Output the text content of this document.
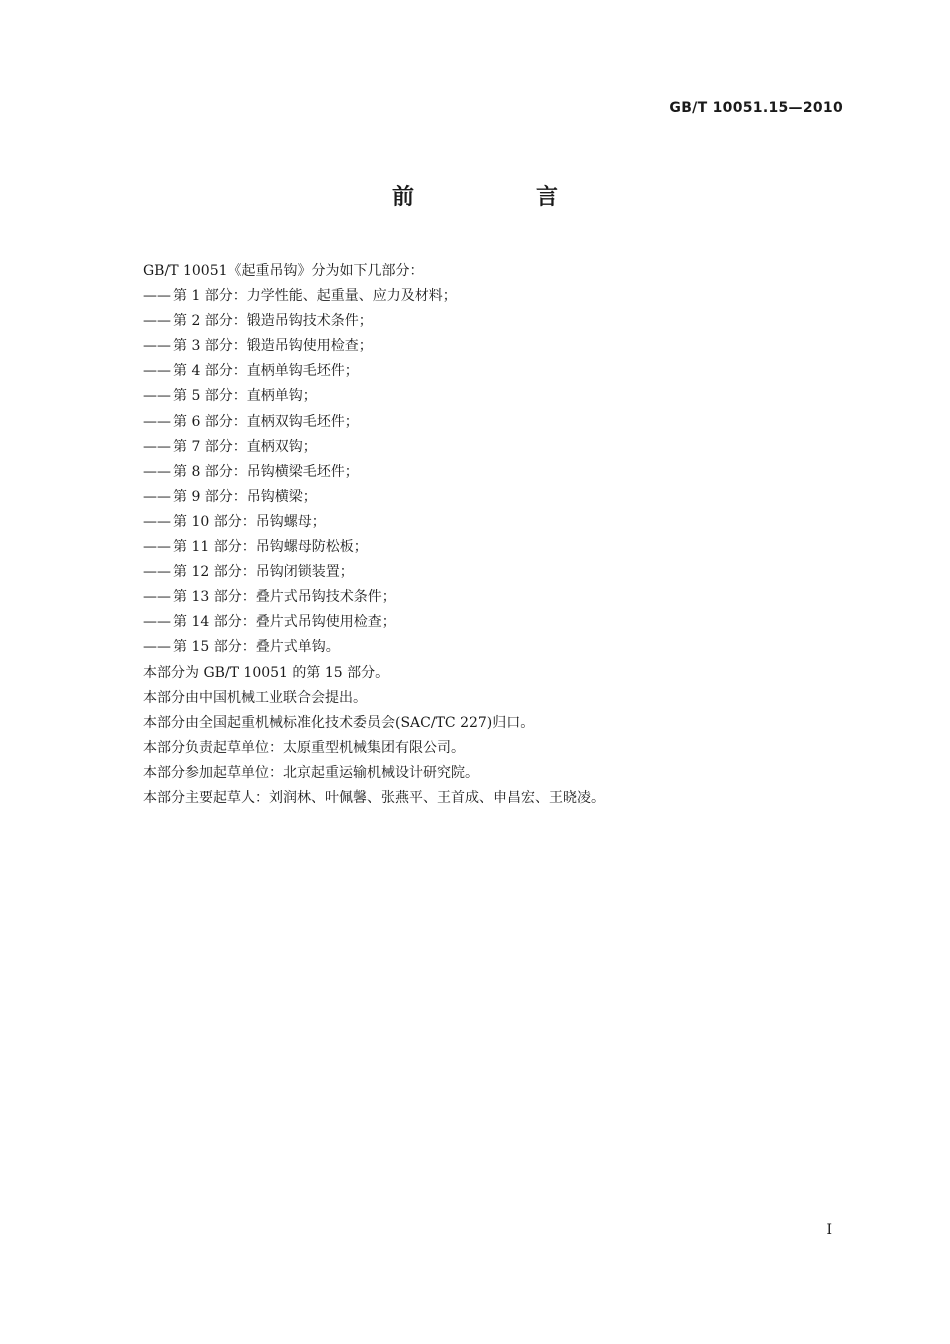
GB/T 10051.15—2010
前　言
GB/T 10051《起重吊钩》分为如下几部分：
—— 第 1 部分：力学性能、起重量、应力及材料；
—— 第 2 部分：锻造吊钩技术条件；
—— 第 3 部分：锻造吊钩使用检查；
—— 第 4 部分：直柄单钩毛坯件；
—— 第 5 部分：直柄单钩；
—— 第 6 部分：直柄双钩毛坯件；
—— 第 7 部分：直柄双钩；
—— 第 8 部分：吊钩横梁毛坯件；
—— 第 9 部分：吊钩横梁；
—— 第 10 部分：吊钩螺母；
—— 第 11 部分：吊钩螺母防松板；
—— 第 12 部分：吊钩闭锁装置；
—— 第 13 部分：叠片式吊钩技术条件；
—— 第 14 部分：叠片式吊钩使用检查；
—— 第 15 部分：叠片式单钩。
本部分为 GB/T 10051 的第 15 部分。
本部分由中国机械工业联合会提出。
本部分由全国起重机械标准化技术委员会(SAC/TC 227)归口。
本部分负责起草单位：太原重型机械集团有限公司。
本部分参加起草单位：北京起重运输机械设计研究院。
本部分主要起草人：刘润林、叶佩馨、张燕平、王首成、申昌宏、王晓凌。
I
